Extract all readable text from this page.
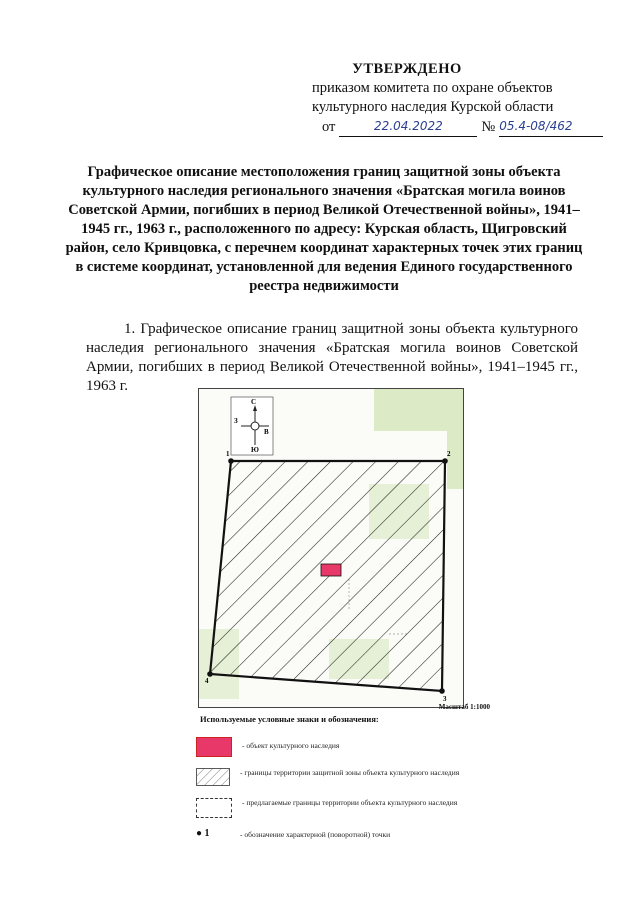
УТВЕРЖДЕНО
приказом комитета по охране объектов
культурного наследия Курской области
от	22.04.2022	№ 05.4-08/462
Графическое описание местоположения границ защитной зоны объекта культурного наследия регионального значения «Братская могила воинов Советской Армии, погибших в период Великой Отечественной войны», 1941–1945 гг., 1963 г., расположенного по адресу: Курская область, Щигровский район, село Кривцовка, с перечнем координат характерных точек этих границ в системе координат, установленной для ведения Единого государственного реестра недвижимости
1. Графическое описание границ защитной зоны объекта культурного наследия регионального значения «Братская могила воинов Советской Армии, погибших в период Великой Отечественной войны», 1941–1945 гг., 1963 г.
1	2
3
4
С
Ю
З
В
Масштаб 1:1000
Используемые условные знаки и обозначения:
- объект культурного наследия
- границы территории защитной зоны объекта культурного наследия
- предлагаемые границы территории объекта культурного наследия
● 1	- обозначение характерной (поворотной) точки
